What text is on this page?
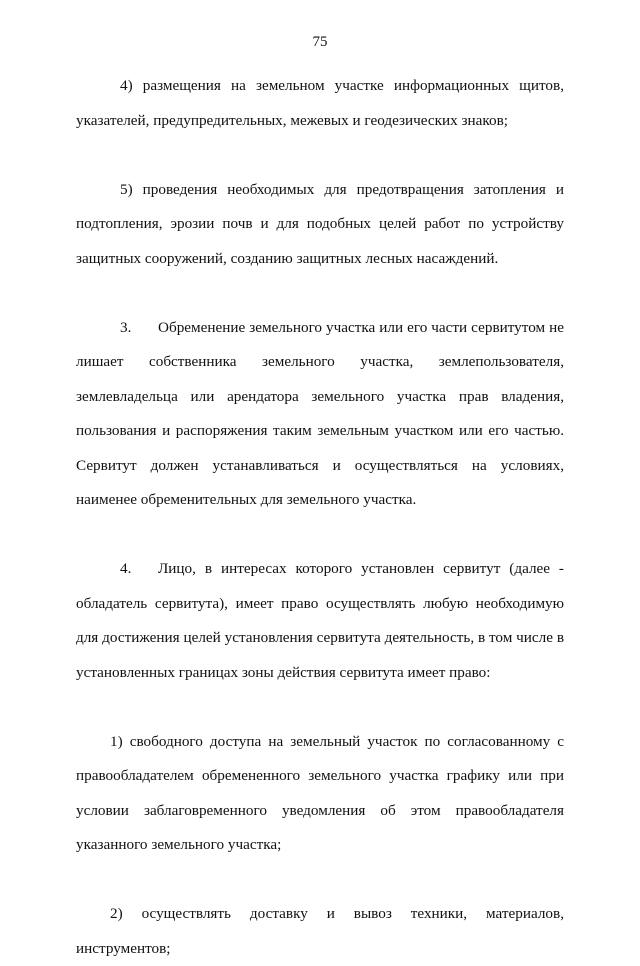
75

4) размещения на земельном участке информационных щитов, указателей, предупредительных, межевых и геодезических знаков;

5) проведения необходимых для предотвращения затопления и подтопления, эрозии почв и для подобных целей работ по устройству защитных сооружений, созданию защитных лесных насаждений.

3. Обременение земельного участка или его части сервитутом не лишает собственника земельного участка, землепользователя, землевладельца или арендатора земельного участка прав владения, пользования и распоряжения таким земельным участком или его частью. Сервитут должен устанавливаться и осуществляться на условиях, наименее обременительных для земельного участка.

4. Лицо, в интересах которого установлен сервитут (далее - обладатель сервитута), имеет право осуществлять любую необходимую для достижения целей установления сервитута деятельность, в том числе в установленных границах зоны действия сервитута имеет право:

1) свободного доступа на земельный участок по согласованному с правообладателем обремененного земельного участка графику или при условии заблаговременного уведомления об этом правообладателя указанного земельного участка;

2) осуществлять доставку и вывоз техники, материалов, инструментов;
